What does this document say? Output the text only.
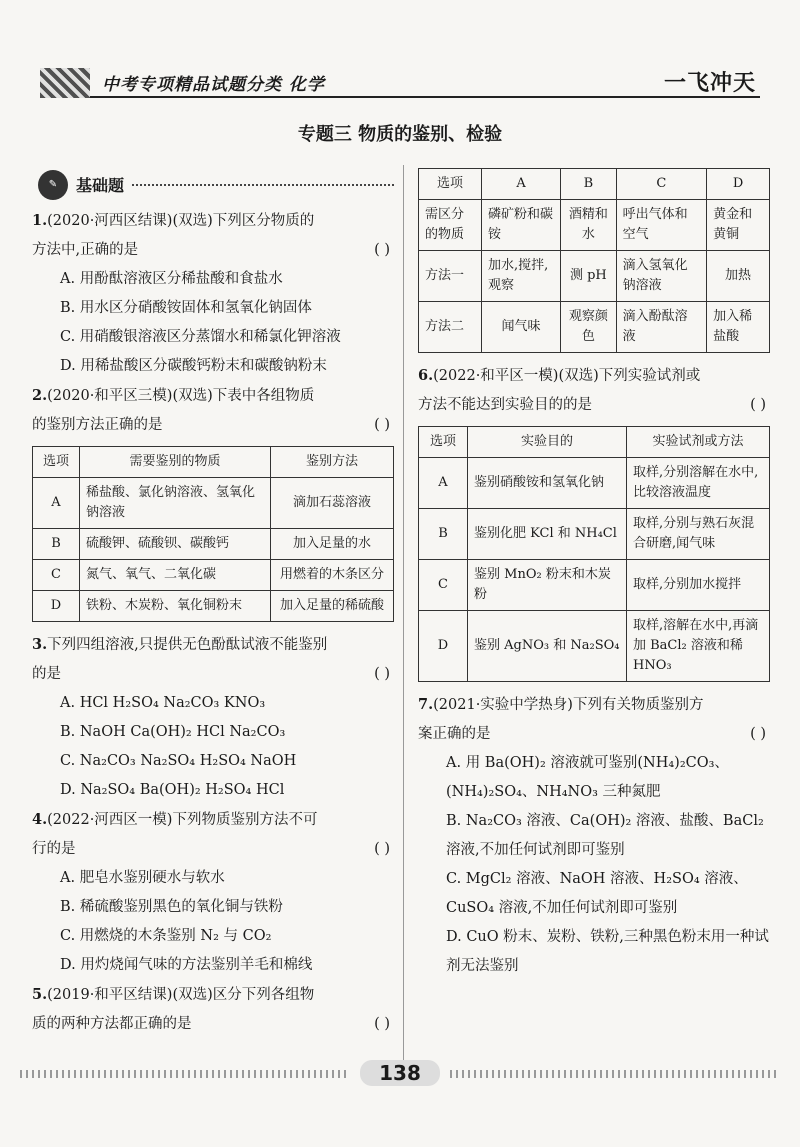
中考专项精品试题分类 化学	一飞冲天
专题三 物质的鉴别、检验
✎	基础题
1.(2020·河西区结课)(双选)下列区分物质的
方法中,正确的是	( )
A. 用酚酞溶液区分稀盐酸和食盐水
B. 用水区分硝酸铵固体和氢氧化钠固体
C. 用硝酸银溶液区分蒸馏水和稀氯化钾溶液
D. 用稀盐酸区分碳酸钙粉末和碳酸钠粉末
2.(2020·和平区三模)(双选)下表中各组物质
的鉴别方法正确的是	( )
选项	需要鉴别的物质	鉴别方法
A	稀盐酸、氯化钠溶液、氢氧化钠溶液	滴加石蕊溶液
B	硫酸钾、硫酸钡、碳酸钙	加入足量的水
C	氮气、氧气、二氧化碳	用燃着的木条区分
D	铁粉、木炭粉、氧化铜粉末	加入足量的稀硫酸
3.下列四组溶液,只提供无色酚酞试液不能鉴别
的是	( )
A. HCl H₂SO₄ Na₂CO₃ KNO₃
B. NaOH Ca(OH)₂ HCl Na₂CO₃
C. Na₂CO₃ Na₂SO₄ H₂SO₄ NaOH
D. Na₂SO₄ Ba(OH)₂ H₂SO₄ HCl
4.(2022·河西区一模)下列物质鉴别方法不可
行的是	( )
A. 肥皂水鉴别硬水与软水
B. 稀硫酸鉴别黑色的氧化铜与铁粉
C. 用燃烧的木条鉴别 N₂ 与 CO₂
D. 用灼烧闻气味的方法鉴别羊毛和棉线
5.(2019·和平区结课)(双选)区分下列各组物
质的两种方法都正确的是	( )
选项	A	B	C	D
需区分的物质	磷矿粉和碳铵	酒精和水	呼出气体和空气	黄金和黄铜
方法一	加水,搅拌,观察	测 pH	滴入氢氧化钠溶液	加热
方法二	闻气味	观察颜色	滴入酚酞溶液	加入稀盐酸
6.(2022·和平区一模)(双选)下列实验试剂或
方法不能达到实验目的的是	( )
选项	实验目的	实验试剂或方法
A	鉴别硝酸铵和氢氧化钠	取样,分别溶解在水中,比较溶液温度
B	鉴别化肥 KCl 和 NH₄Cl	取样,分别与熟石灰混合研磨,闻气味
C	鉴别 MnO₂ 粉末和木炭粉	取样,分别加水搅拌
D	鉴别 AgNO₃ 和 Na₂SO₄	取样,溶解在水中,再滴加 BaCl₂ 溶液和稀 HNO₃
7.(2021·实验中学热身)下列有关物质鉴别方
案正确的是	( )
A. 用 Ba(OH)₂ 溶液就可鉴别(NH₄)₂CO₃、(NH₄)₂SO₄、NH₄NO₃ 三种氮肥
B. Na₂CO₃ 溶液、Ca(OH)₂ 溶液、盐酸、BaCl₂ 溶液,不加任何试剂即可鉴别
C. MgCl₂ 溶液、NaOH 溶液、H₂SO₄ 溶液、CuSO₄ 溶液,不加任何试剂即可鉴别
D. CuO 粉末、炭粉、铁粉,三种黑色粉末用一种试剂无法鉴别
138
